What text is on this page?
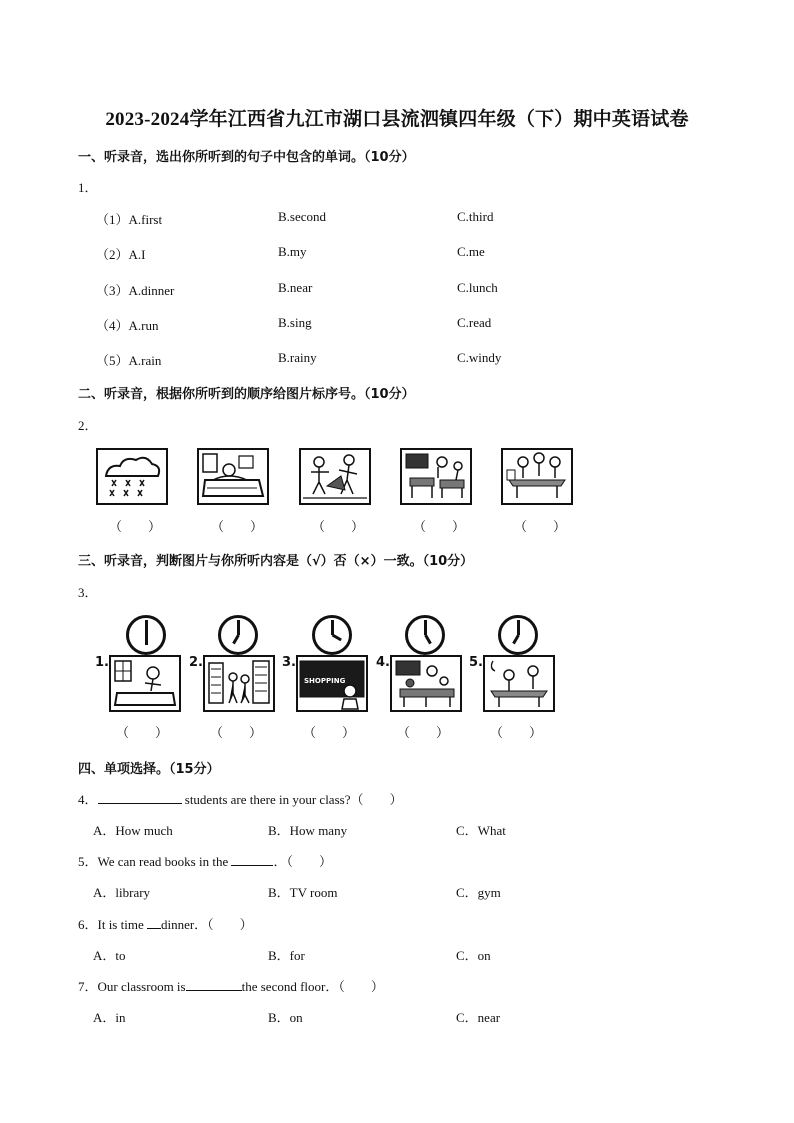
2023-2024学年江西省九江市湖口县流泗镇四年级（下）期中英语试卷
一、听录音，选出你所听到的句子中包含的单词。（10分）
1．
（1）A.first	B.second	C.third
（2）A.I	B.my	C.me
（3）A.dinner	B.near	C.lunch
（4）A.run	B.sing	C.read
（5）A.rain	B.rainy	C.windy
二、听录音，根据你所听到的顺序给图片标序号。（10分）
2．
（　　）	（　　）	（　　）	（　　）	（　　）
三、听录音，判断图片与你所听内容是（√）否（×）一致。（10分）
3．
1.	2.	3.
SHOPPING
4.	5.
（　　）	（　　）	（　　）	（　　）	（　　）
四、单项选择。（15分）
4．	students are there in your class?（　　）
A．How much	B．How many	C．What
5．We can read books in the	．（　　）
A．library	B．TV room	C．gym
6．It is time dinner．（　　）
A．to	B．for	C．on
7．Our classroom is	the second floor．（　　）
A．in	B．on	C．near
